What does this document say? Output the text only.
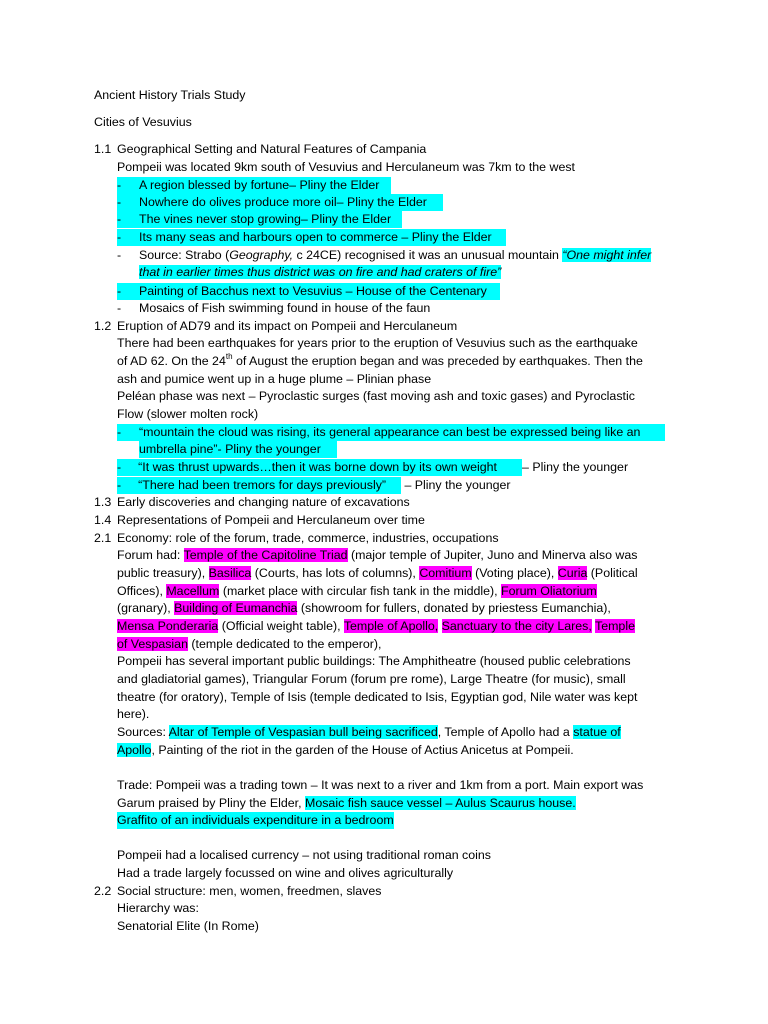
Ancient History Trials Study
Cities of Vesuvius
1.1 Geographical Setting and Natural Features of Campania
Pompeii was located 9km south of Vesuvius and Herculaneum was 7km to the west
- A region blessed by fortune– Pliny the Elder
- Nowhere do olives produce more oil– Pliny the Elder
- The vines never stop growing– Pliny the Elder
- Its many seas and harbours open to commerce – Pliny the Elder
- Source: Strabo (Geography, c 24CE) recognised it was an unusual mountain “One might infer
that in earlier times thus district was on fire and had craters of fire”
- Painting of Bacchus next to Vesuvius – House of the Centenary
- Mosaics of Fish swimming found in house of the faun
1.2 Eruption of AD79 and its impact on Pompeii and Herculaneum
There had been earthquakes for years prior to the eruption of Vesuvius such as the earthquake
of AD 62. On the 24th of August the eruption began and was preceded by earthquakes. Then the
ash and pumice went up in a huge plume – Plinian phase
Peléan phase was next – Pyroclastic surges (fast moving ash and toxic gases) and Pyroclastic
Flow (slower molten rock)
- “mountain the cloud was rising, its general appearance can best be expressed being like an
umbrella pine”- Pliny the younger
- “It was thrust upwards…then it was borne down by its own weight – Pliny the younger
- “There had been tremors for days previously” – Pliny the younger
1.3 Early discoveries and changing nature of excavations
1.4 Representations of Pompeii and Herculaneum over time
2.1 Economy: role of the forum, trade, commerce, industries, occupations
Forum had: Temple of the Capitoline Triad (major temple of Jupiter, Juno and Minerva also was
public treasury), Basilica (Courts, has lots of columns), Comitium (Voting place), Curia (Political
Offices), Macellum (market place with circular fish tank in the middle), Forum Oliatorium
(granary), Building of Eumanchia (showroom for fullers, donated by priestess Eumanchia),
Mensa Ponderaria (Official weight table), Temple of Apollo, Sanctuary to the city Lares, Temple
of Vespasian (temple dedicated to the emperor),
Pompeii has several important public buildings: The Amphitheatre (housed public celebrations
and gladiatorial games), Triangular Forum (forum pre rome), Large Theatre (for music), small
theatre (for oratory), Temple of Isis (temple dedicated to Isis, Egyptian god, Nile water was kept
here).
Sources: Altar of Temple of Vespasian bull being sacrificed, Temple of Apollo had a statue of
Apollo, Painting of the riot in the garden of the House of Actius Anicetus at Pompeii.
Trade: Pompeii was a trading town – It was next to a river and 1km from a port. Main export was
Garum praised by Pliny the Elder, Mosaic fish sauce vessel – Aulus Scaurus house.
Graffito of an individuals expenditure in a bedroom
Pompeii had a localised currency – not using traditional roman coins
Had a trade largely focussed on wine and olives agriculturally
2.2 Social structure: men, women, freedmen, slaves
Hierarchy was:
Senatorial Elite (In Rome)
